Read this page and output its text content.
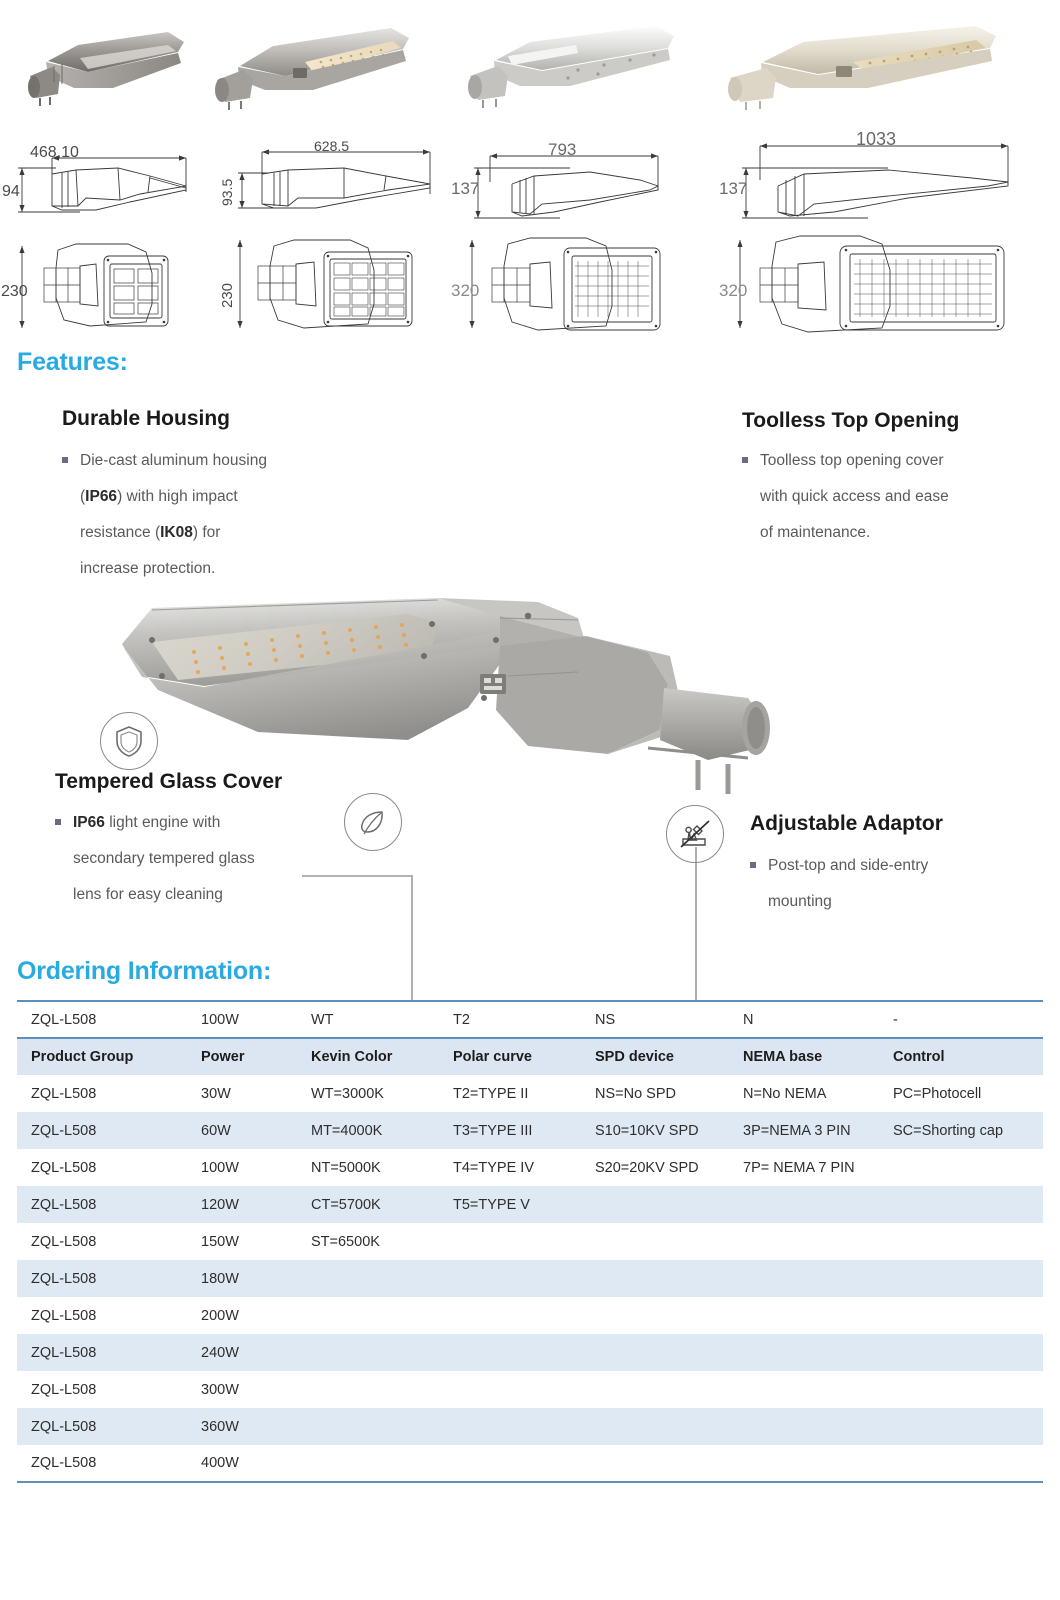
468,10
94
230
628.5
93.5
230
793
137
320
1033
137
320
Features:
Durable Housing
Die-cast aluminum housing
(IP66) with high impact
resistance (IK08) for
increase protection.
Toolless Top Opening
Toolless top opening cover
with quick access and ease
of maintenance.
Tempered Glass Cover
IP66 light engine with
secondary tempered glass
lens for easy cleaning
Adjustable Adaptor
Post-top and side-entry
mounting
Ordering Information:
ZQL-L508	100W	WT	T2	NS	N	-
Product Group	Power	Kevin Color	Polar curve	SPD device	NEMA base	Control
ZQL-L508	30W	WT=3000K	T2=TYPE II	NS=No SPD	N=No NEMA	PC=Photocell
ZQL-L508	60W	MT=4000K	T3=TYPE III	S10=10KV SPD	3P=NEMA 3 PIN	SC=Shorting cap
ZQL-L508	100W	NT=5000K	T4=TYPE IV	S20=20KV SPD	7P= NEMA 7 PIN	
ZQL-L508	120W	CT=5700K	T5=TYPE V			
ZQL-L508	150W	ST=6500K				
ZQL-L508	180W					
ZQL-L508	200W					
ZQL-L508	240W					
ZQL-L508	300W					
ZQL-L508	360W					
ZQL-L508	400W					
